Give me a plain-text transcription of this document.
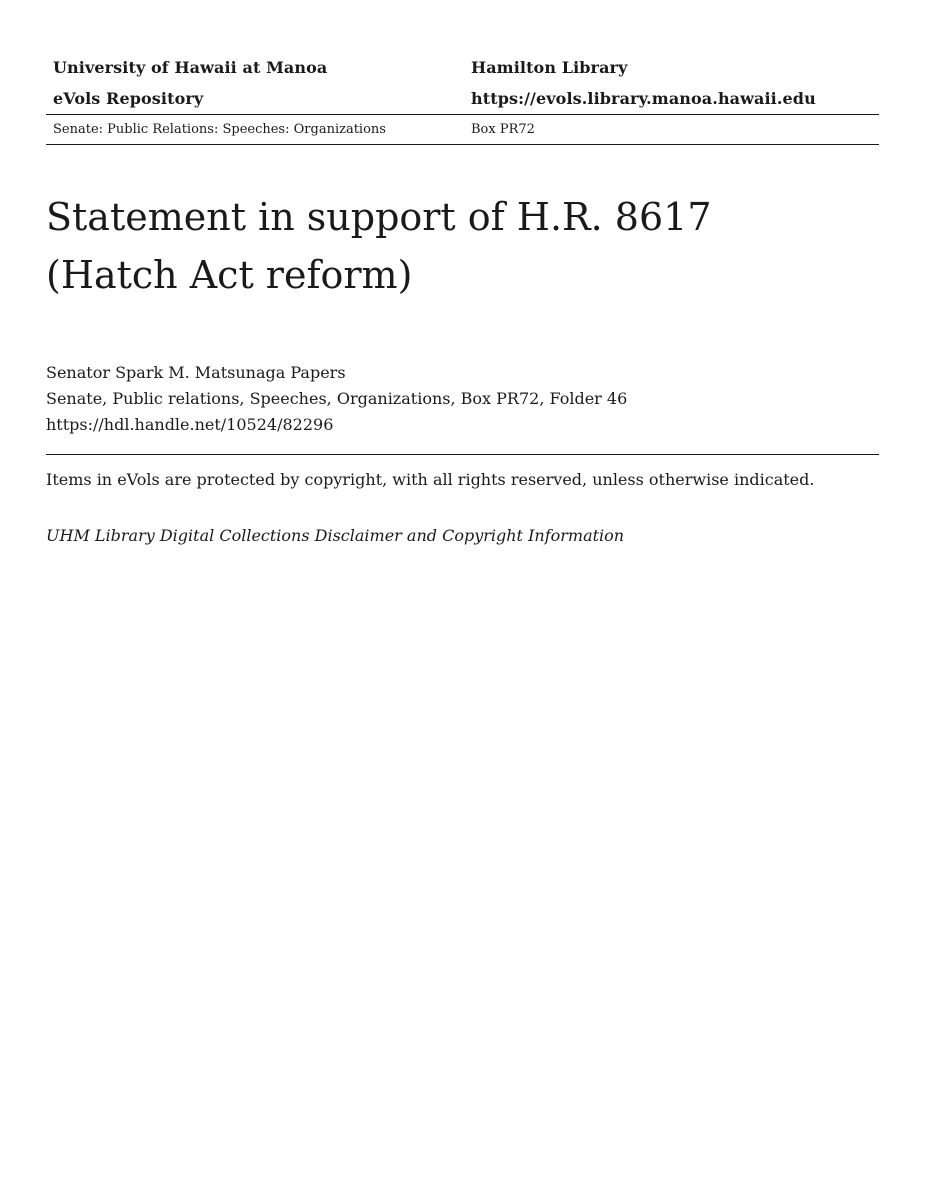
University of Hawaii at Manoa	Hamilton Library
eVols Repository	https://evols.library.manoa.hawaii.edu
Senate: Public Relations: Speeches: Organizations	Box PR72
Statement in support of H.R. 8617
(Hatch Act reform)
Senator Spark M. Matsunaga Papers
Senate, Public relations, Speeches, Organizations, Box PR72, Folder 46
https://hdl.handle.net/10524/82296
Items in eVols are protected by copyright, with all rights reserved, unless otherwise indicated.
UHM Library Digital Collections Disclaimer and Copyright Information
